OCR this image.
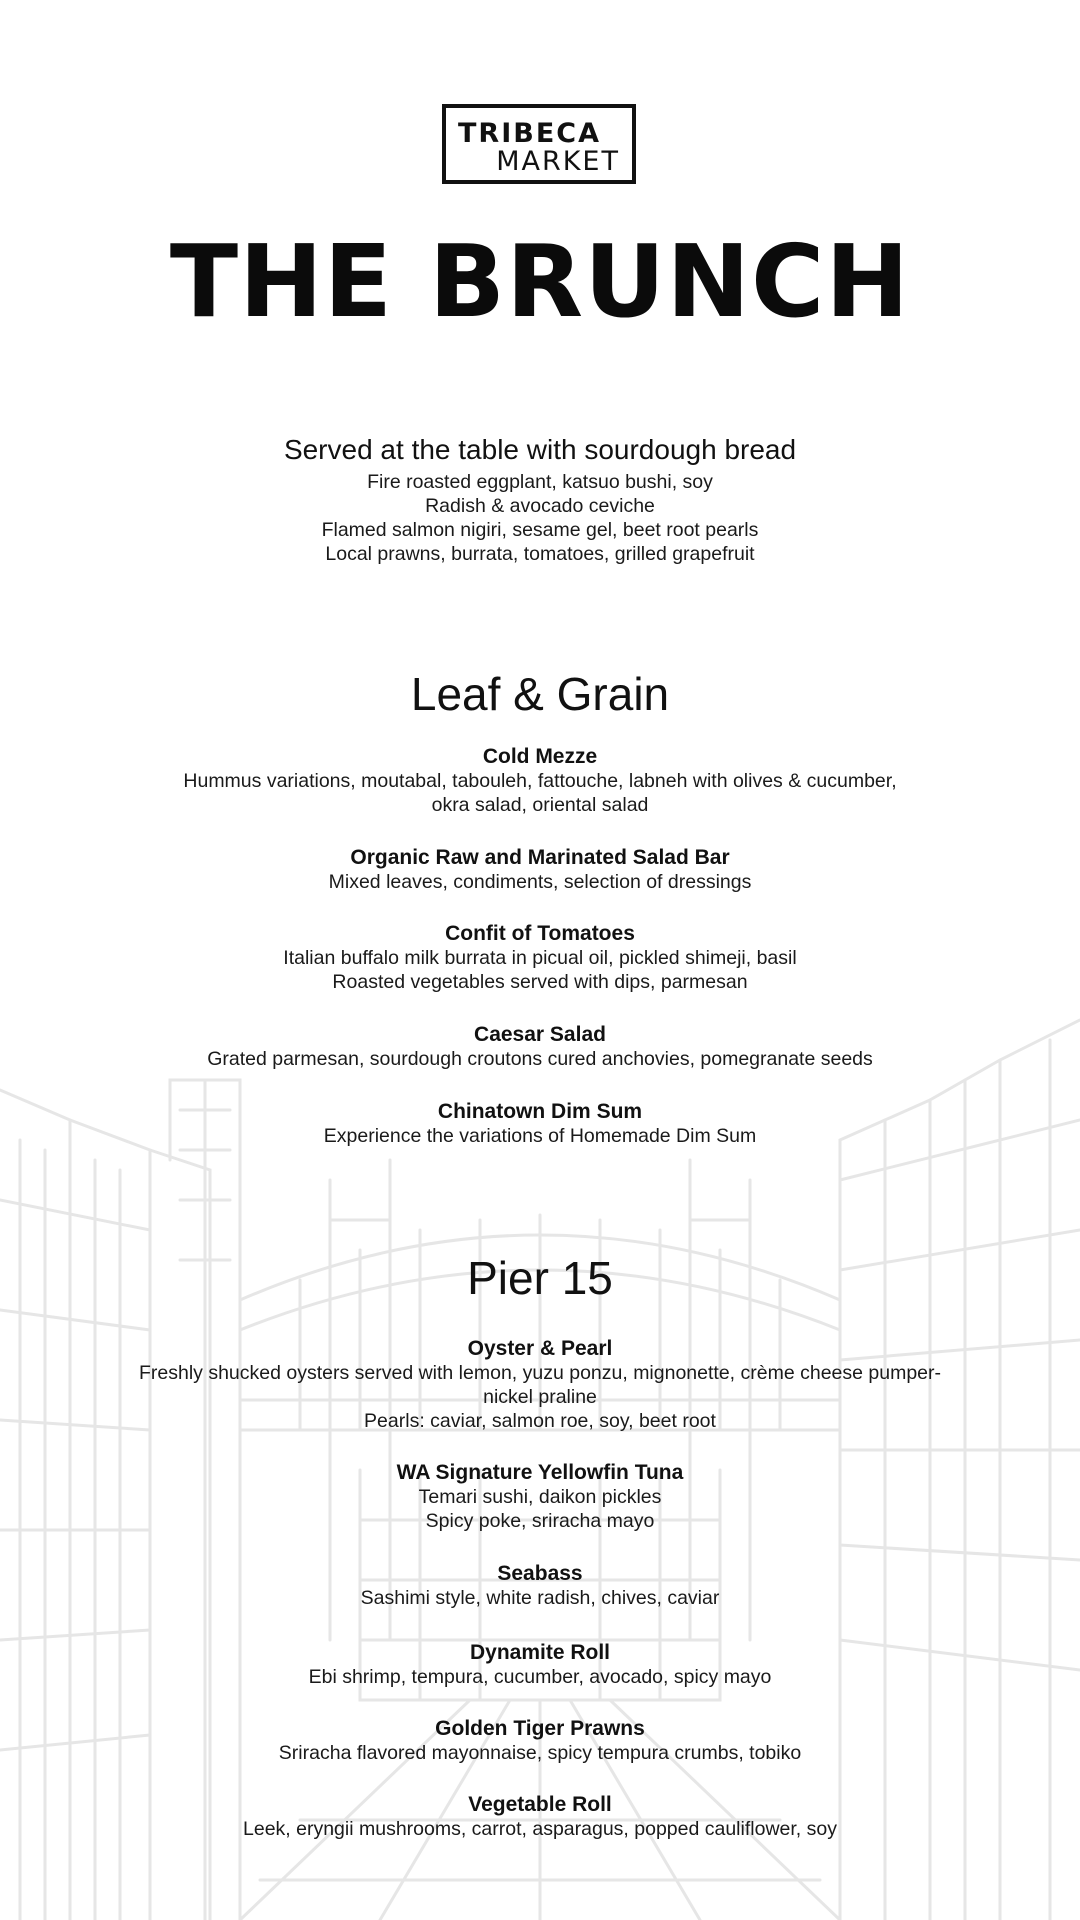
TRIBECA
MARKET
THE BRUNCH

Served at the table with sourdough bread

Fire roasted eggplant, katsuo bushi, soy

Radish & avocado ceviche

Flamed salmon nigiri, sesame gel, beet root pearls

Local prawns, burrata, tomatoes, grilled grapefruit

Leaf & Grain

Cold Mezze

Hummus variations, moutabal, tabouleh, fattouche, labneh with olives & cucumber,

okra salad, oriental salad

Organic Raw and Marinated Salad Bar

Mixed leaves, condiments, selection of dressings

Confit of Tomatoes

Italian buffalo milk burrata in picual oil, pickled shimeji, basil

Roasted vegetables served with dips, parmesan

Caesar Salad

Grated parmesan, sourdough croutons cured anchovies, pomegranate seeds

Chinatown Dim Sum

Experience the variations of Homemade Dim Sum

Pier 15

Oyster & Pearl

Freshly shucked oysters served with lemon, yuzu ponzu, mignonette, crème cheese pumper-

nickel praline

Pearls: caviar, salmon roe, soy, beet root

WA Signature Yellowfin Tuna

Temari sushi, daikon pickles

Spicy poke, sriracha mayo

Seabass

Sashimi style, white radish, chives, caviar

Dynamite Roll

Ebi shrimp, tempura, cucumber, avocado, spicy mayo

Golden Tiger Prawns

Sriracha flavored mayonnaise, spicy tempura crumbs, tobiko

Vegetable Roll

Leek, eryngii mushrooms, carrot, asparagus, popped cauliflower, soy
